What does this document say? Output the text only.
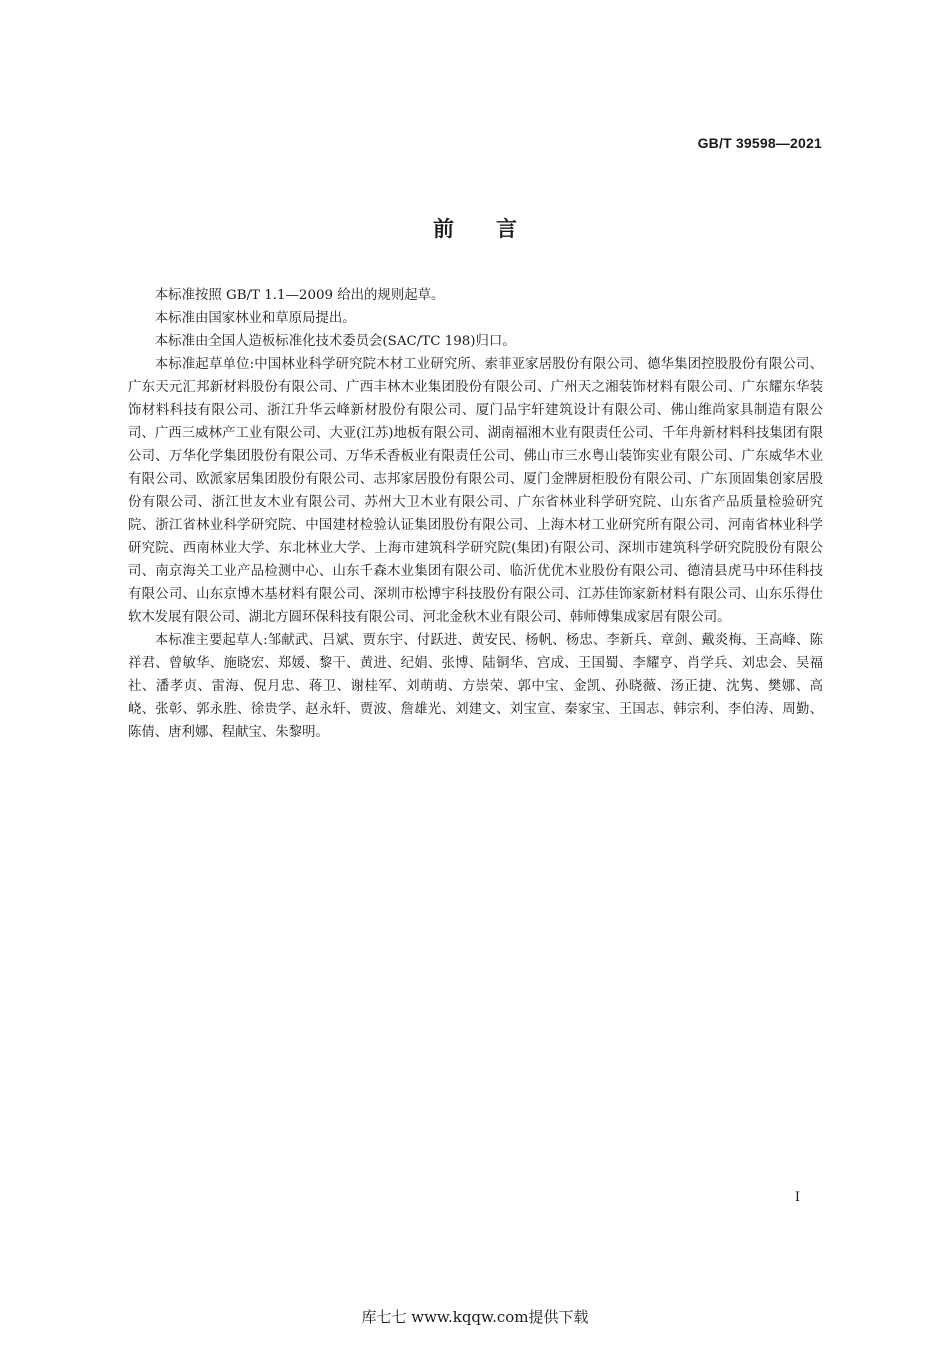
GB/T 39598—2021
前言

本标准按照 GB/T 1.1—2009 给出的规则起草。

本标准由国家林业和草原局提出。

本标准由全国人造板标准化技术委员会(SAC/TC 198)归口。

本标准起草单位:中国林业科学研究院木材工业研究所、索菲亚家居股份有限公司、德华集团控股股份有限公司、广东天元汇邦新材料股份有限公司、广西丰林木业集团股份有限公司、广州天之湘装饰材料有限公司、广东耀东华装饰材料科技有限公司、浙江升华云峰新材股份有限公司、厦门品宇轩建筑设计有限公司、佛山维尚家具制造有限公司、广西三威林产工业有限公司、大亚(江苏)地板有限公司、湖南福湘木业有限责任公司、千年舟新材料科技集团有限公司、万华化学集团股份有限公司、万华禾香板业有限责任公司、佛山市三水粤山装饰实业有限公司、广东威华木业有限公司、欧派家居集团股份有限公司、志邦家居股份有限公司、厦门金牌厨柜股份有限公司、广东顶固集创家居股份有限公司、浙江世友木业有限公司、苏州大卫木业有限公司、广东省林业科学研究院、山东省产品质量检验研究院、浙江省林业科学研究院、中国建材检验认证集团股份有限公司、上海木材工业研究所有限公司、河南省林业科学研究院、西南林业大学、东北林业大学、上海市建筑科学研究院(集团)有限公司、深圳市建筑科学研究院股份有限公司、南京海关工业产品检测中心、山东千森木业集团有限公司、临沂优优木业股份有限公司、德清县虎马中环佳科技有限公司、山东京博木基材料有限公司、深圳市松博宇科技股份有限公司、江苏佳饰家新材料有限公司、山东乐得仕软木发展有限公司、湖北方圆环保科技有限公司、河北金秋木业有限公司、韩师傅集成家居有限公司。

本标准主要起草人:邹献武、吕斌、贾东宇、付跃进、黄安民、杨帆、杨忠、李新兵、章剑、戴炎梅、王高峰、陈祥君、曾敏华、施晓宏、郑媛、黎干、黄进、纪娟、张博、陆铜华、宫成、王国蜀、李耀亨、肖学兵、刘忠会、吴福社、潘孝贞、雷海、倪月忠、蒋卫、谢桂军、刘萌萌、方崇荣、郭中宝、金凯、孙晓薇、汤正捷、沈隽、樊娜、高峣、张彰、郭永胜、徐贵学、赵永轩、贾波、詹雄光、刘建文、刘宝宣、秦家宝、王国志、韩宗利、李伯涛、周勤、陈倩、唐利娜、程献宝、朱黎明。

I
库七七 www.kqqw.com提供下载
